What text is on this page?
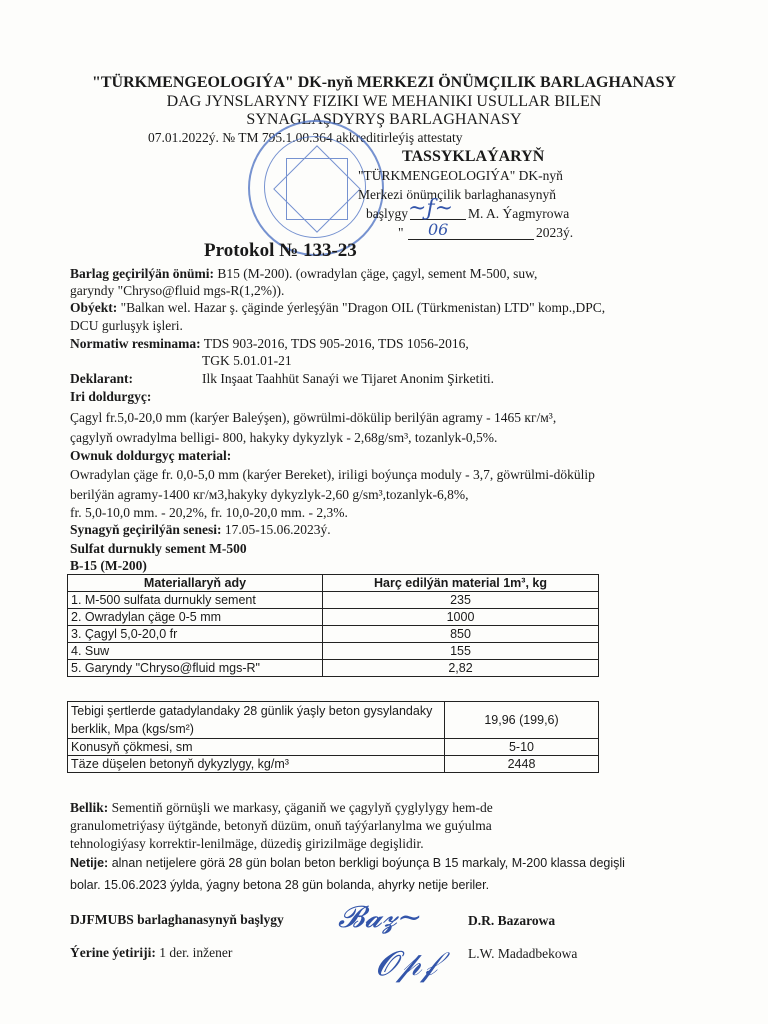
"TÜRKMENGEOLOGIÝA" DK-nyň MERKEZI ÖNÜMÇILIK BARLAGHANASY
DAG JYNSLARYNY FIZIKI WE MEHANIKI USULLAR BILEN
SYNAGLAŞDYRYŞ BARLAGHANASY
07.01.2022ý. № TM 795.1.00.364 akkreditirleýiş attestaty
TASSYKLAÝARYŇ
"TÜRKMENGEOLOGIÝA" DK-nyň
Merkezi önümçilik barlaghanasynyň
başlygy ~ƒ~ M. A. Ýagmyrowa
" 06	2023ý.
Protokol № 133-23
Barlag geçirilýän önümi: B15 (M-200). (owradylan çäge, çagyl, sement M-500, suw,
garyndy "Chryso@fluid mgs-R(1,2%)).
Obýekt: "Balkan wel. Hazar ş. çäginde ýerleşýän "Dragon OIL (Türkmenistan) LTD" komp.,DPC,
DCU gurluşyk işleri.
Normatiw resminama: TDS 903-2016, TDS 905-2016, TDS 1056-2016,
TGK 5.01.01-21
Deklarant:	Ilk Inşaat Taahhüt Sanaýi we Tijaret Anonim Şirketiti.
Iri doldurgyç:
Çagyl fr.5,0-20,0 mm (karýer Baleýşen), göwrülmi-dökülip berilýän agramy - 1465 кг/м³,
çagylyň owradylma belligi- 800, hakyky dykyzlyk - 2,68g/sm³, tozanlyk-0,5%.
Ownuk doldurgyç material:
Owradylan çäge fr. 0,0-5,0 mm (karýer Bereket), iriligi boýunça moduly - 3,7, göwrülmi-dökülip
berilýän agramy-1400 кг/м3,hakyky dykyzlyk-2,60 g/sm³,tozanlyk-6,8%,
fr. 5,0-10,0 mm. - 20,2%, fr. 10,0-20,0 mm. - 2,3%.
Synagyň geçirilýän senesi: 17.05-15.06.2023ý.
Sulfat durnukly sement M-500
B-15 (M-200)
Materiallaryň ady	Harç edilýän material 1m³, kg
1. M-500 sulfata durnukly sement	235
2. Owradylan çäge 0-5 mm	1000
3. Çagyl 5,0-20,0 fr	850
4. Suw	155
5. Garyndy "Chryso@fluid mgs-R"	2,82
Tebigi şertlerde gatadylandaky 28 günlik ýaşly beton gysylandaky
berklik, Mpa (kgs/sm²)	19,96 (199,6)
Konusyň çökmesi, sm	5-10
Täze düşelen betonyň dykyzlygy, kg/m³	2448
Bellik: Sementiň görnüşli we markasy, çäganiň we çagylyň çyglylygy hem-de
granulometriýasy üýtgände, betonyň düzüm, onuň taýýarlanylma we guýulma
tehnologiýasy korrektir-lenilmäge, düzediş girizilmäge degişlidir.
Netije: alnan netijelere görä 28 gün bolan beton berkligi boýunça B 15 markaly, M-200 klassa degişli
bolar. 15.06.2023 ýylda, ýagny betona 28 gün bolanda, ahyrky netije beriler.
DJFMUBS barlaghanasynyň başlygy 𝓑𝓪𝔃~	D.R. Bazarowa
Ýerine ýetiriji: 1 der. inžener	𝓞𝓅𝒻 L.W. Madadbekowa
